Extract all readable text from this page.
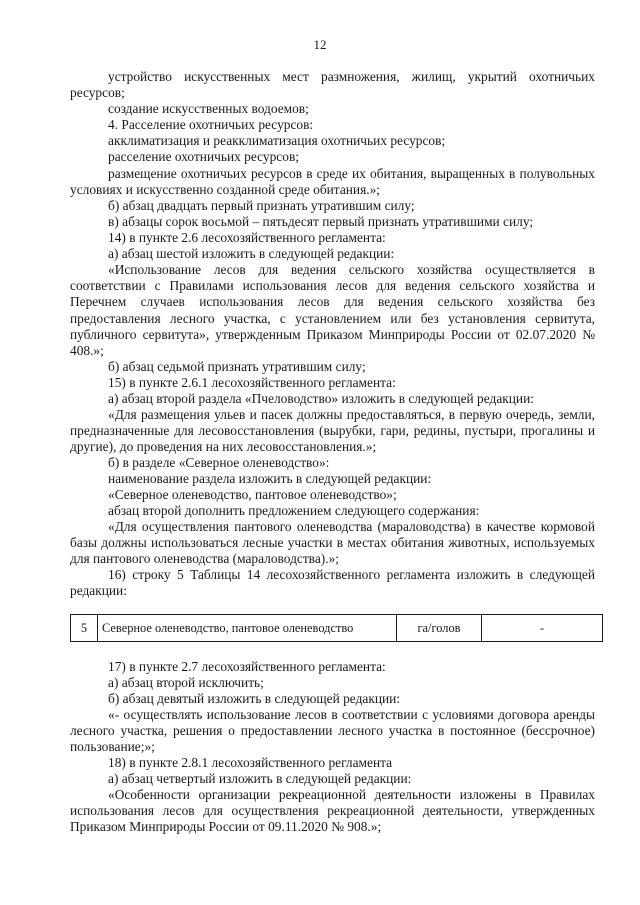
12

устройство искусственных мест размножения, жилищ, укрытий охотничьих ресурсов;

создание искусственных водоемов;

4. Расселение охотничьих ресурсов:

акклиматизация и реакклиматизация охотничьих ресурсов;

расселение охотничьих ресурсов;

размещение охотничьих ресурсов в среде их обитания, выращенных в полувольных условиях и искусственно созданной среде обитания.»;

б) абзац двадцать первый признать утратившим силу;

в) абзацы сорок восьмой – пятьдесят первый признать утратившими силу;

14) в пункте 2.6 лесохозяйственного регламента:

а) абзац шестой изложить в следующей редакции:

«Использование лесов для ведения сельского хозяйства осуществляется в соответствии с Правилами использования лесов для ведения сельского хозяйства и Перечнем случаев использования лесов для ведения сельского хозяйства без предоставления лесного участка, с установлением или без установления сервитута, публичного сервитута», утвержденным Приказом Минприроды России от 02.07.2020 № 408.»;

б) абзац седьмой признать утратившим силу;

15) в пункте 2.6.1 лесохозяйственного регламента:

а) абзац второй раздела «Пчеловодство» изложить в следующей редакции:

«Для размещения ульев и пасек должны предоставляться, в первую очередь, земли, предназначенные для лесовосстановления (вырубки, гари, редины, пустыри, прогалины и другие), до проведения на них лесовосстановления.»;

б) в разделе «Северное оленеводство»:

наименование раздела изложить в следующей редакции:

«Северное оленеводство, пантовое оленеводство»;

абзац второй дополнить предложением следующего содержания:

«Для осуществления пантового оленеводства (мараловодства) в качестве кормовой базы должны использоваться лесные участки в местах обитания животных, используемых для пантового оленеводства (мараловодства).»;

16) строку 5 Таблицы 14 лесохозяйственного регламента изложить в следующей редакции:

5	Северное оленеводство, пантовое оленеводство	га/голов	-

17) в пункте 2.7 лесохозяйственного регламента:

а) абзац второй исключить;

б) абзац девятый изложить в следующей редакции:

«- осуществлять использование лесов в соответствии с условиями договора аренды лесного участка, решения о предоставлении лесного участка в постоянное (бессрочное) пользование;»;

18) в пункте 2.8.1 лесохозяйственного регламента

а) абзац четвертый изложить в следующей редакции:

«Особенности организации рекреационной деятельности изложены в Правилах использования лесов для осуществления рекреационной деятельности, утвержденных Приказом Минприроды России от 09.11.2020 № 908.»;
